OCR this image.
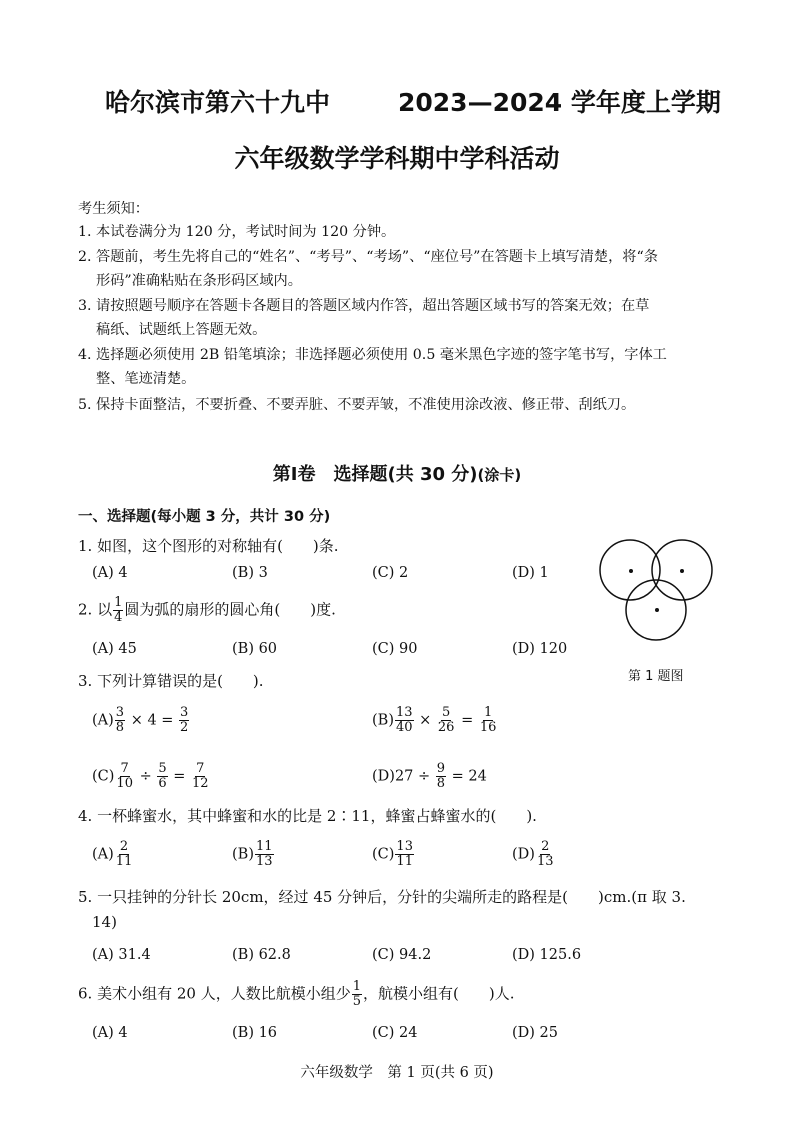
哈尔滨市第六十九中	2023—2024 学年度上学期
六年级数学学科期中学科活动
考生须知：
1. 本试卷满分为 120 分，考试时间为 120 分钟。
2. 答题前，考生先将自己的“姓名”、“考号”、“考场”、“座位号”在答题卡上填写清楚，将“条
形码”准确粘贴在条形码区域内。
3. 请按照题号顺序在答题卡各题目的答题区域内作答，超出答题区域书写的答案无效；在草
稿纸、试题纸上答题无效。
4. 选择题必须使用 2B 铅笔填涂；非选择题必须使用 0.5 毫米黑色字迹的签字笔书写，字体工
整、笔迹清楚。
5. 保持卡面整洁，不要折叠、不要弄脏、不要弄皱，不准使用涂改液、修正带、刮纸刀。
第Ⅰ卷　选择题(共 30 分)(涂卡)
一、选择题(每小题 3 分，共计 30 分)
1. 如图，这个图形的对称轴有(　　)条.
(A) 4	(B) 3	(C) 2	(D) 1
第 1 题图
2. 以 $\frac{1}{4}$ 圆为弧的扇形的圆心角(　　)度.
(A) 45	(B) 60	(C) 90	(D) 120
3. 下列计算错误的是(　　).
$(A) \frac{3}{8} \times 4 = \frac{3}{2}$	$(B) \frac{13}{40} \times \frac{5}{26} = \frac{1}{16}$
$(C) \frac{7}{10} \div \frac{5}{6} = \frac{7}{12}$	$(D)27 \div \frac{9}{8} = 24$
4. 一杯蜂蜜水，其中蜂蜜和水的比是 2∶11，蜂蜜占蜂蜜水的(　　).
$(A) \frac{2}{11}$	$(B) \frac{11}{13}$	$(C) \frac{13}{11}$	$(D) \frac{2}{13}$
5. 一只挂钟的分针长 20cm，经过 45 分钟后，分针的尖端所走的路程是(　　)cm.(π 取 3.
14)
(A) 31.4	(B) 62.8	(C) 94.2	(D) 125.6
6. 美术小组有 20 人，人数比航模小组少 $\frac{1}{5}$ ，航模小组有(　　)人.
(A) 4	(B) 16	(C) 24	(D) 25
六年级数学　第 1 页(共 6 页)
